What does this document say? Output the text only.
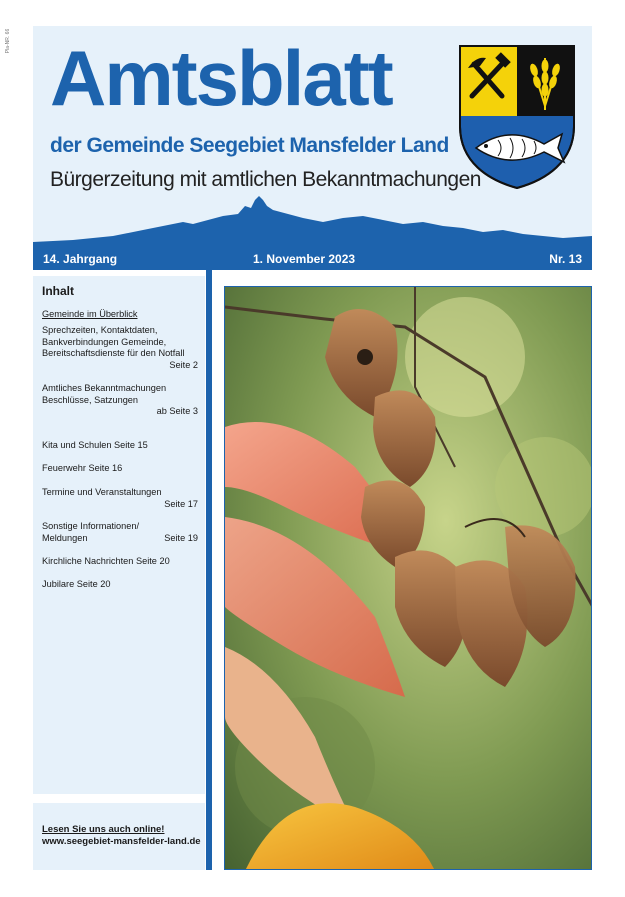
Pla-NR. 66 Amtsblatt
der Gemeinde Seegebiet Mansfelder Land
Bürgerzeitung mit amtlichen Bekanntmachungen
14. Jahrgang	1. November 2023	Nr. 13
Inhalt
Gemeinde im Überblick
Sprechzeiten, Kontaktdaten, Bankverbindungen Gemeinde, Bereitschaftsdienste für den Notfall
Seite 2
Amtliches Bekanntmachungen Beschlüsse, Satzungen
ab Seite 3
Kita und Schulen Seite 15
Feuerwehr Seite 16
Termine und Veranstaltungen
Seite 17
Sonstige Informationen/ Meldungen	Seite 19
Kirchliche Nachrichten Seite 20
Jubilare Seite 20
Lesen Sie uns auch online!
www.seegebiet-mansfelder-land.de
